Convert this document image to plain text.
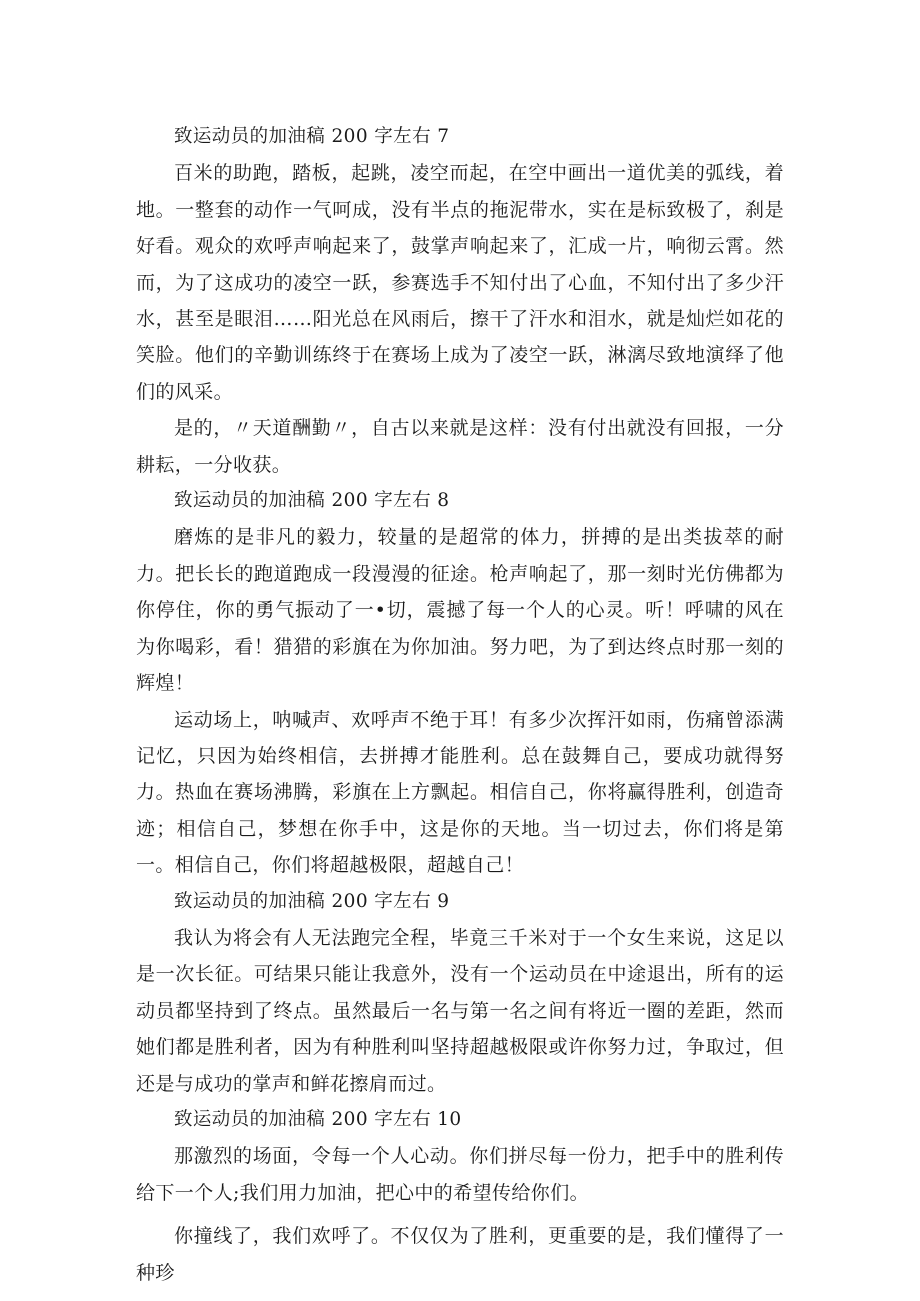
致运动员的加油稿 200 字左右 7

百米的助跑，踏板，起跳，凌空而起，在空中画出一道优美的弧线，着地。一整套的动作一气呵成，没有半点的拖泥带水，实在是标致极了，刹是好看。观众的欢呼声响起来了，鼓掌声响起来了，汇成一片，响彻云霄。然而，为了这成功的凌空一跃，参赛选手不知付出了心血，不知付出了多少汗水，甚至是眼泪……阳光总在风雨后，擦干了汗水和泪水，就是灿烂如花的笑脸。他们的辛勤训练终于在赛场上成为了凌空一跃，淋漓尽致地演绎了他们的风采。

是的，〃天道酬勤〃，自古以来就是这样：没有付出就没有回报，一分耕耘，一分收获。

致运动员的加油稿 200 字左右 8

磨炼的是非凡的毅力，较量的是超常的体力，拼搏的是出类拔萃的耐力。把长长的跑道跑成一段漫漫的征途。枪声响起了，那一刻时光仿佛都为你停住，你的勇气振动了一•切，震撼了每一个人的心灵。听！呼啸的风在为你喝彩，看！猎猎的彩旗在为你加油。努力吧，为了到达终点时那一刻的辉煌！

运动场上，呐喊声、欢呼声不绝于耳！有多少次挥汗如雨，伤痛曾添满记忆，只因为始终相信，去拼搏才能胜利。总在鼓舞自己，要成功就得努力。热血在赛场沸腾，彩旗在上方飘起。相信自己，你将赢得胜利，创造奇迹；相信自己，梦想在你手中，这是你的天地。当一切过去，你们将是第一。相信自己，你们将超越极限，超越自己！

致运动员的加油稿 200 字左右 9

我认为将会有人无法跑完全程，毕竟三千米对于一个女生来说，这足以是一次长征。可结果只能让我意外，没有一个运动员在中途退出，所有的运动员都坚持到了终点。虽然最后一名与第一名之间有将近一圈的差距，然而她们都是胜利者，因为有种胜利叫坚持超越极限或许你努力过，争取过，但还是与成功的掌声和鲜花擦肩而过。

致运动员的加油稿 200 字左右 10

那激烈的场面，令每一个人心动。你们拼尽每一份力，把手中的胜利传给下一个人;我们用力加油，把心中的希望传给你们。

你撞线了，我们欢呼了。不仅仅为了胜利，更重要的是，我们懂得了一种珍
